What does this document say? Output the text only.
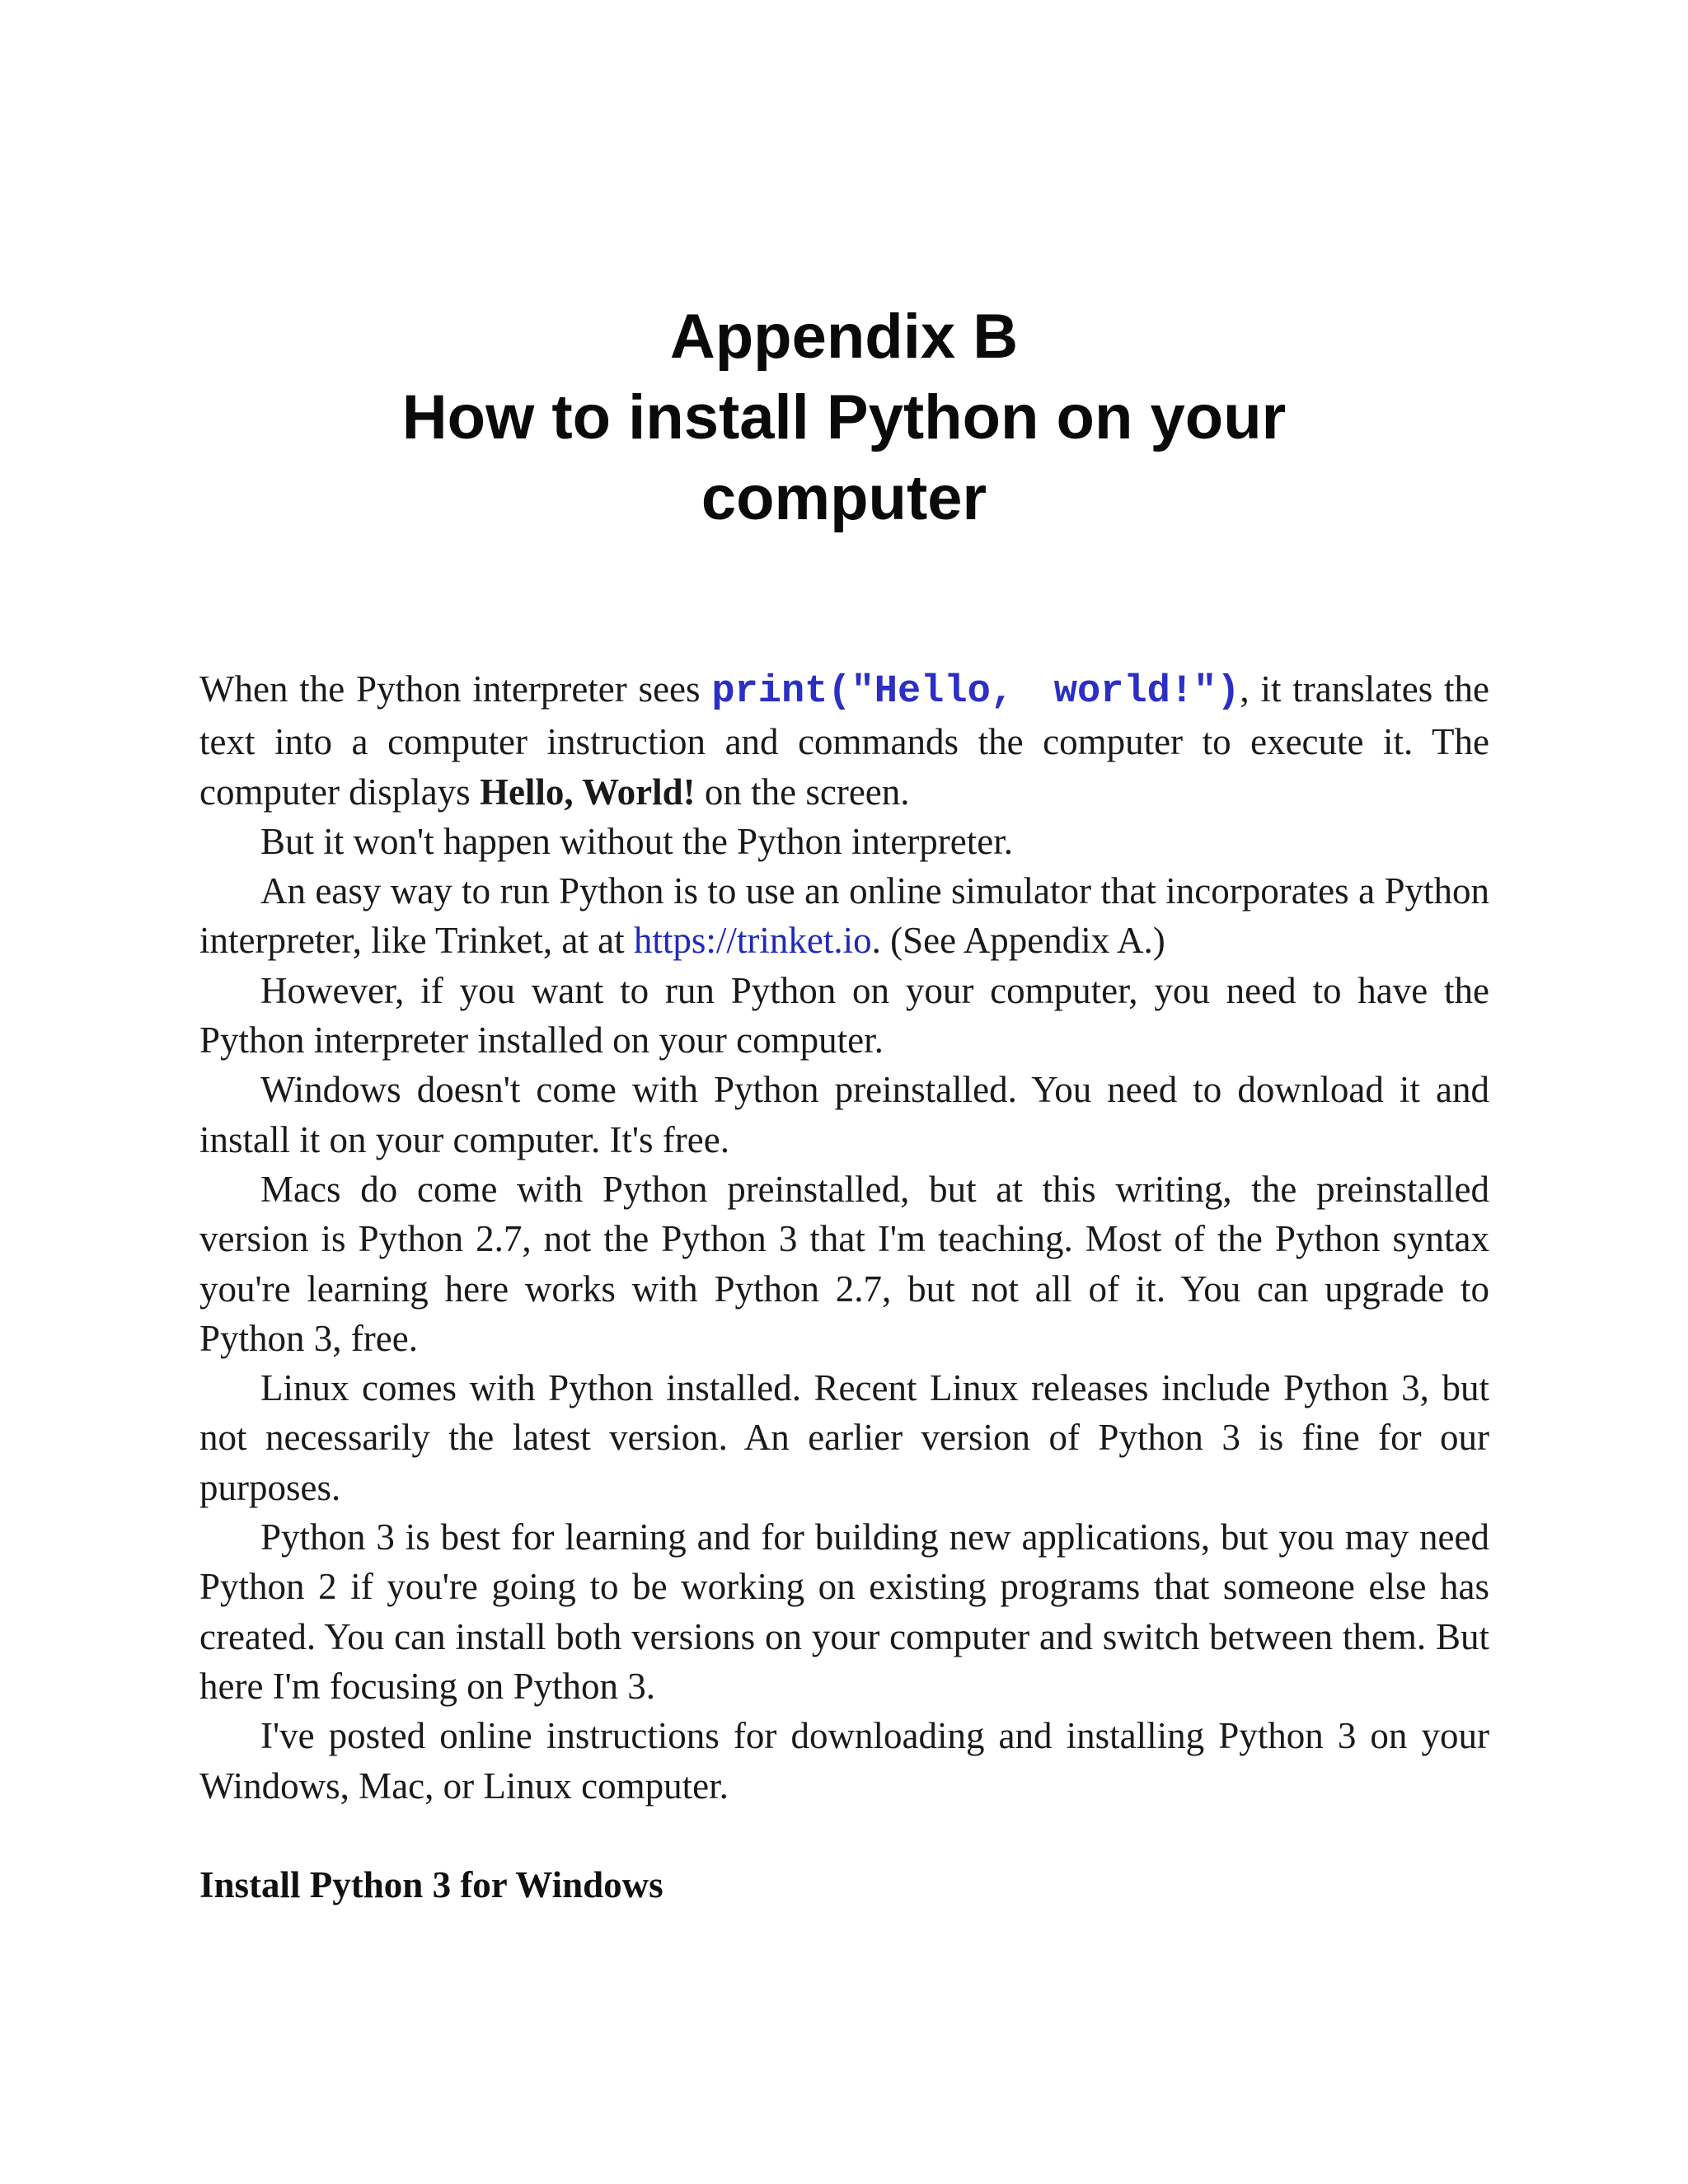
Appendix B
How to install Python on your
computer

When the Python interpreter sees print("Hello, world!"), it translates the text into a computer instruction and commands the computer to execute it. The computer displays Hello, World! on the screen.

But it won't happen without the Python interpreter.

An easy way to run Python is to use an online simulator that incorporates a Python interpreter, like Trinket, at at https://trinket.io. (See Appendix A.)

However, if you want to run Python on your computer, you need to have the Python interpreter installed on your computer.

Windows doesn't come with Python preinstalled. You need to download it and install it on your computer. It's free.

Macs do come with Python preinstalled, but at this writing, the preinstalled version is Python 2.7, not the Python 3 that I'm teaching. Most of the Python syntax you're learning here works with Python 2.7, but not all of it. You can upgrade to Python 3, free.

Linux comes with Python installed. Recent Linux releases include Python 3, but not necessarily the latest version. An earlier version of Python 3 is fine for our purposes.

Python 3 is best for learning and for building new applications, but you may need Python 2 if you're going to be working on existing programs that someone else has created. You can install both versions on your computer and switch between them. But here I'm focusing on Python 3.

I've posted online instructions for downloading and installing Python 3 on your Windows, Mac, or Linux computer.

Install Python 3 for Windows
